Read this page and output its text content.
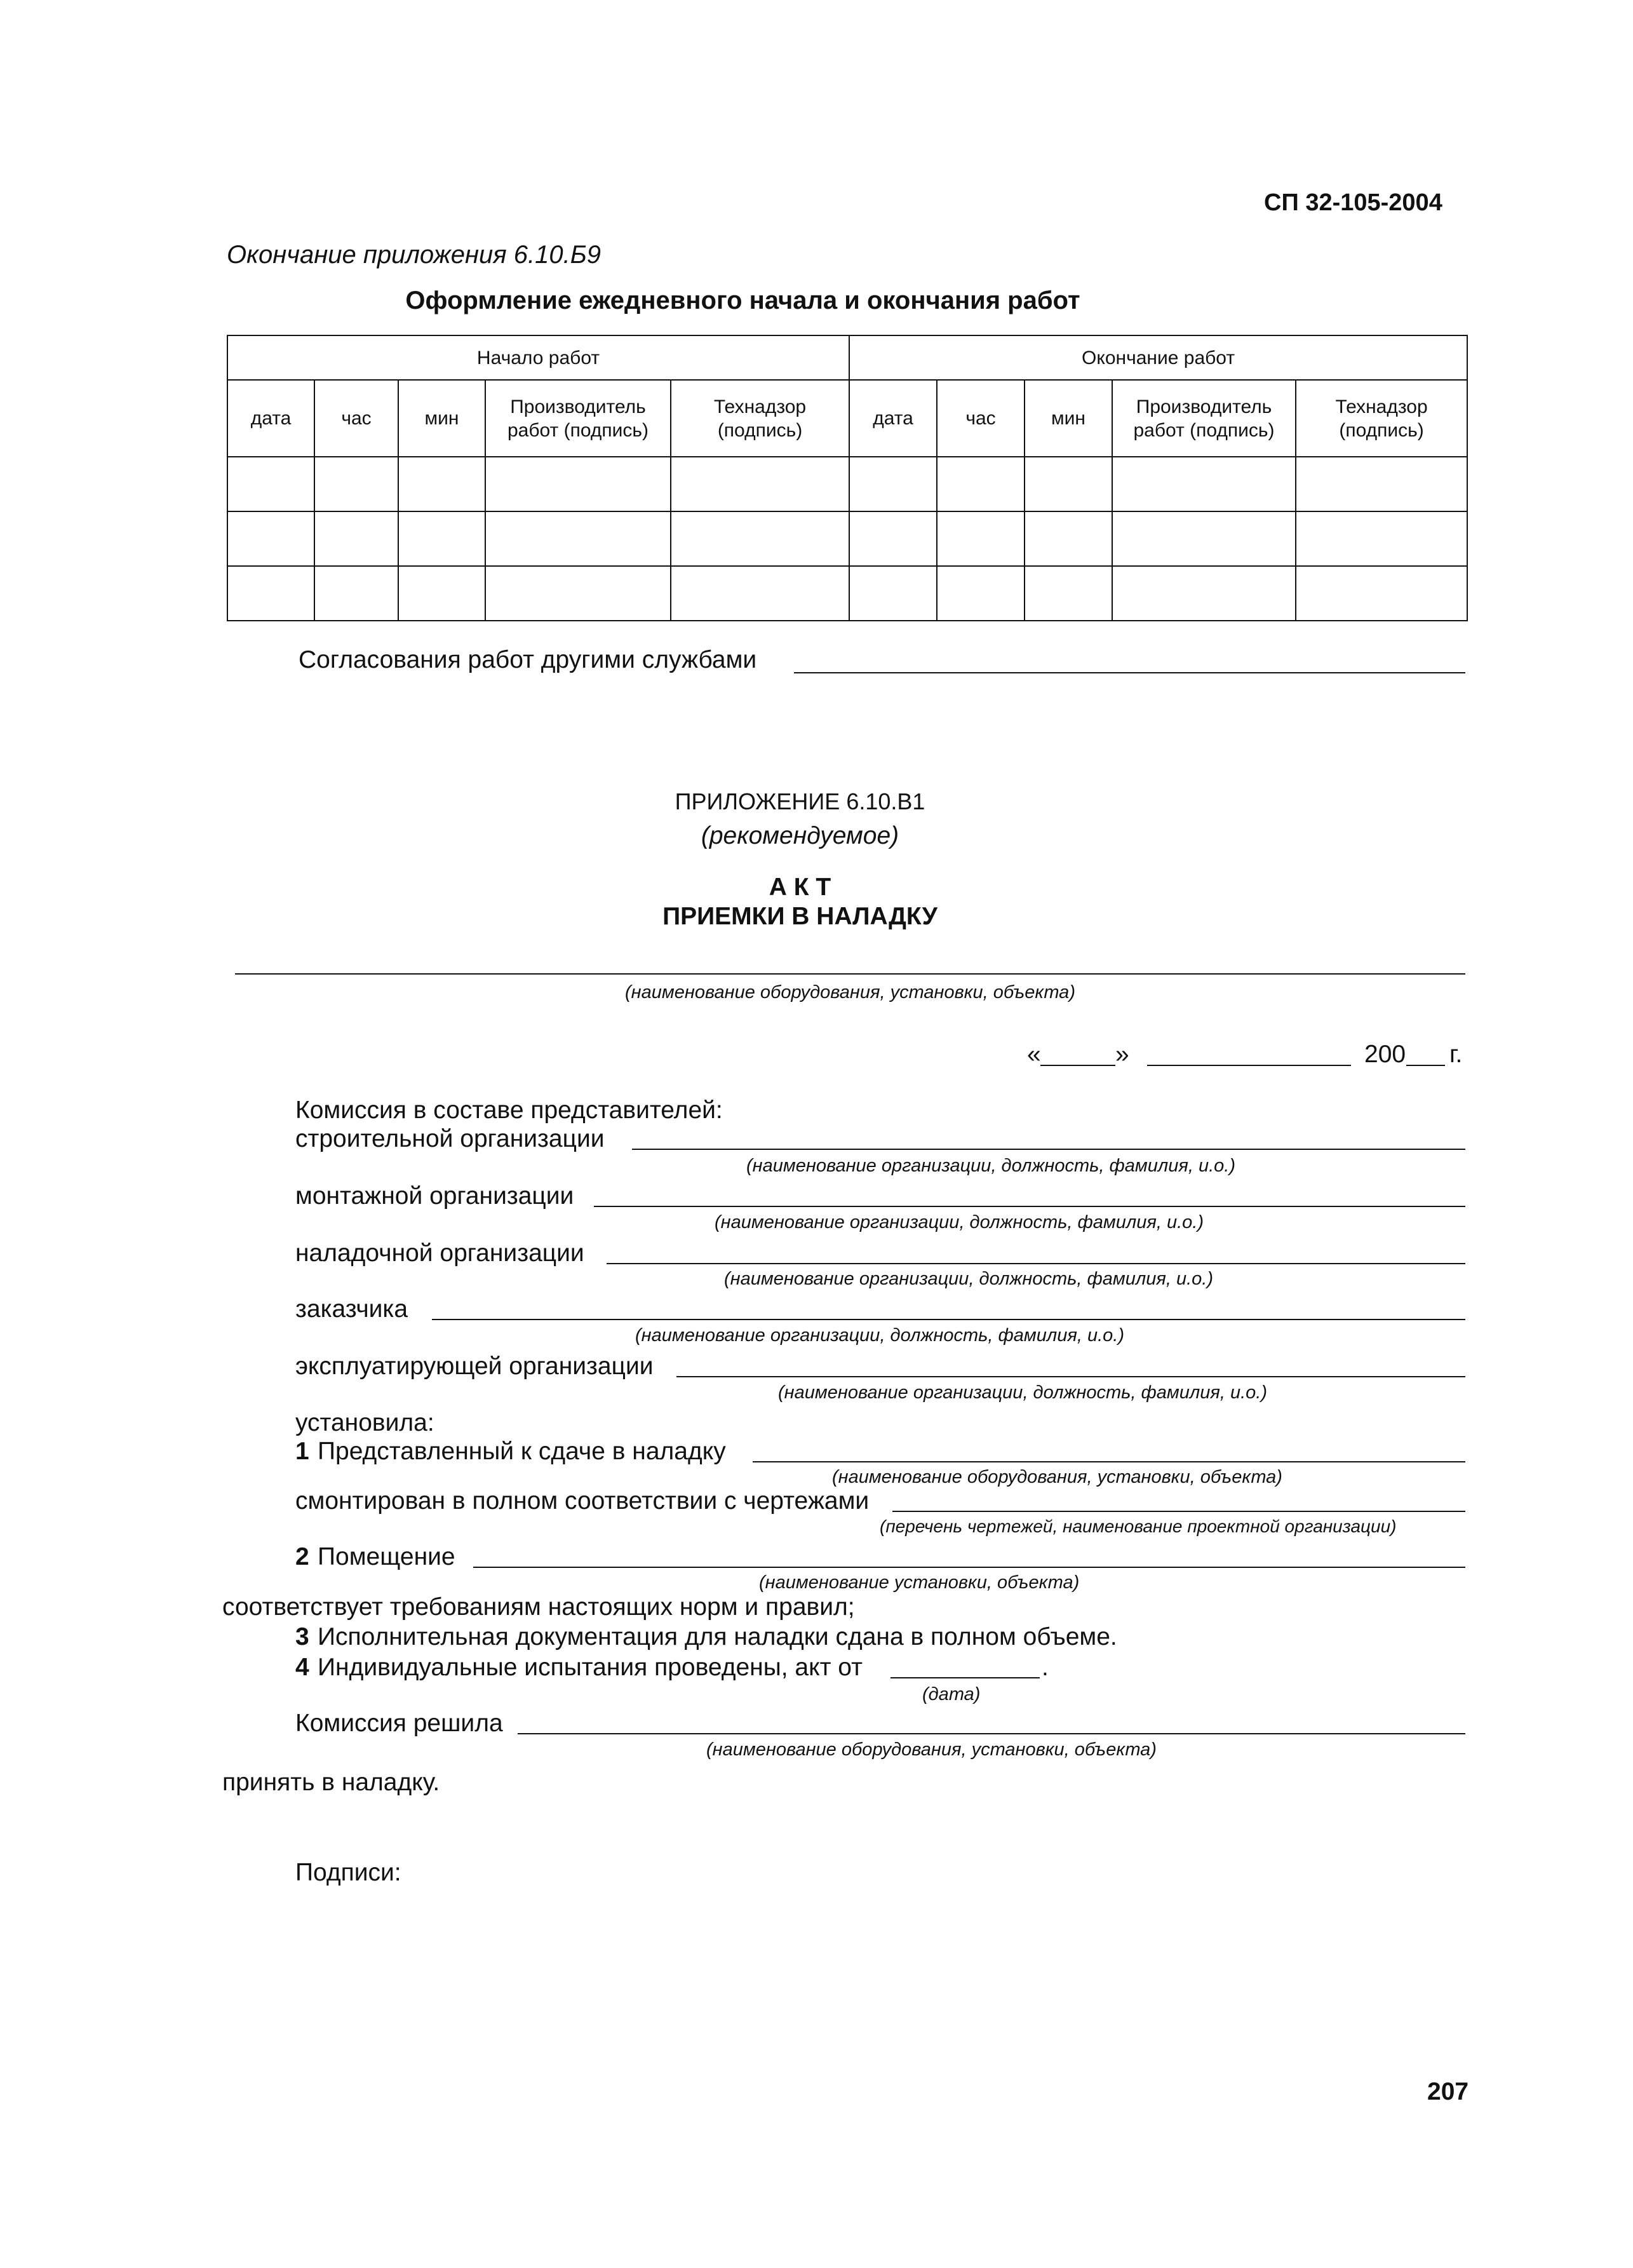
СП 32-105-2004
Окончание приложения 6.10.Б9
Оформление ежедневного начала и окончания работ
Начало работ					Окончание работ				
дата	час	мин	Производитель работ (подпись)	Технадзор (подпись)	дата	час	мин	Производитель работ (подпись)	Технадзор (подпись)

Согласования работ другими службами
ПРИЛОЖЕНИЕ 6.10.В1
(рекомендуемое)
А К Т
ПРИЕМКИ В НАЛАДКУ
(наименование оборудования, установки, объекта)
«	»	200 г.
Комиссия в составе представителей:
строительной организации
(наименование организации, должность, фамилия, и.о.)
монтажной организации
(наименование организации, должность, фамилия, и.о.)
наладочной организации
(наименование организации, должность, фамилия, и.о.)
заказчика
(наименование организации, должность, фамилия, и.о.)
эксплуатирующей организации
(наименование организации, должность, фамилия, и.о.)
установила:
1 Представленный к сдаче в наладку
(наименование оборудования, установки, объекта)
смонтирован в полном соответствии с чертежами
(перечень чертежей, наименование проектной организации)
2 Помещение
(наименование установки, объекта)
соответствует требованиям настоящих норм и правил;
3 Исполнительная документация для наладки сдана в полном объеме.
4 Индивидуальные испытания проведены, акт от	.
(дата)
Комиссия решила
(наименование оборудования, установки, объекта)
принять в наладку.
Подписи:
207
